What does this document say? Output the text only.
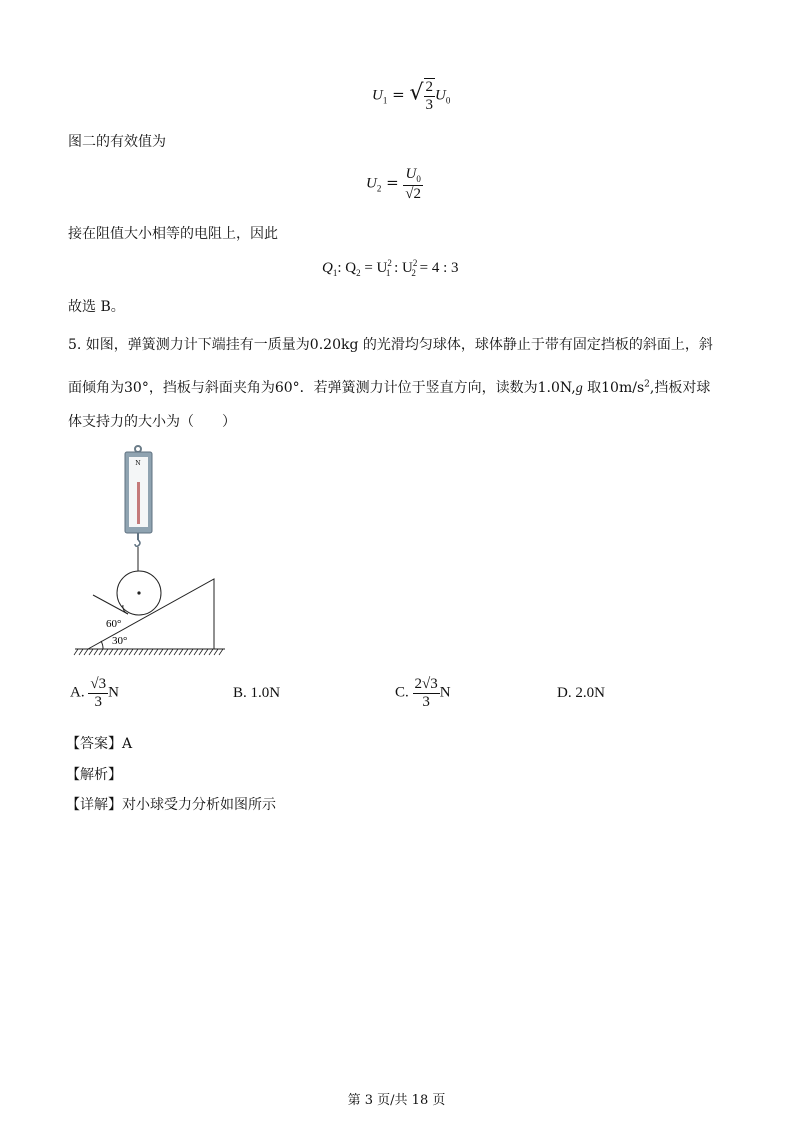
$U_1$ = √ $\frac{2}{3} U_0$
图二的有效值为
$U_2 = \frac{U_0}{√2}$
接在阻值大小相等的电阻上，因此
$Q_1$: $Q_2 = U^2_1$ : $U^2_2 = 4$ : 3
故选 B。
5. 如图，弹簧测力计下端挂有一质量为0.20kg 的光滑均匀球体，球体静止于带有固定挡板的斜面上，斜
面倾角为30°，挡板与斜面夹角为60°．若弹簧测力计位于竖直方向，读数为1.0N,g 取$10m/s^2$,挡板对球
体支持力的大小为（　　）
N
60°
30°
A. $\frac{√3}{3}$ N	B. 1.0N	C. $\frac{2√3}{3}$ N	D. 2.0N
【答案】A
【解析】
【详解】对小球受力分析如图所示
第 3 页/共 18 页
